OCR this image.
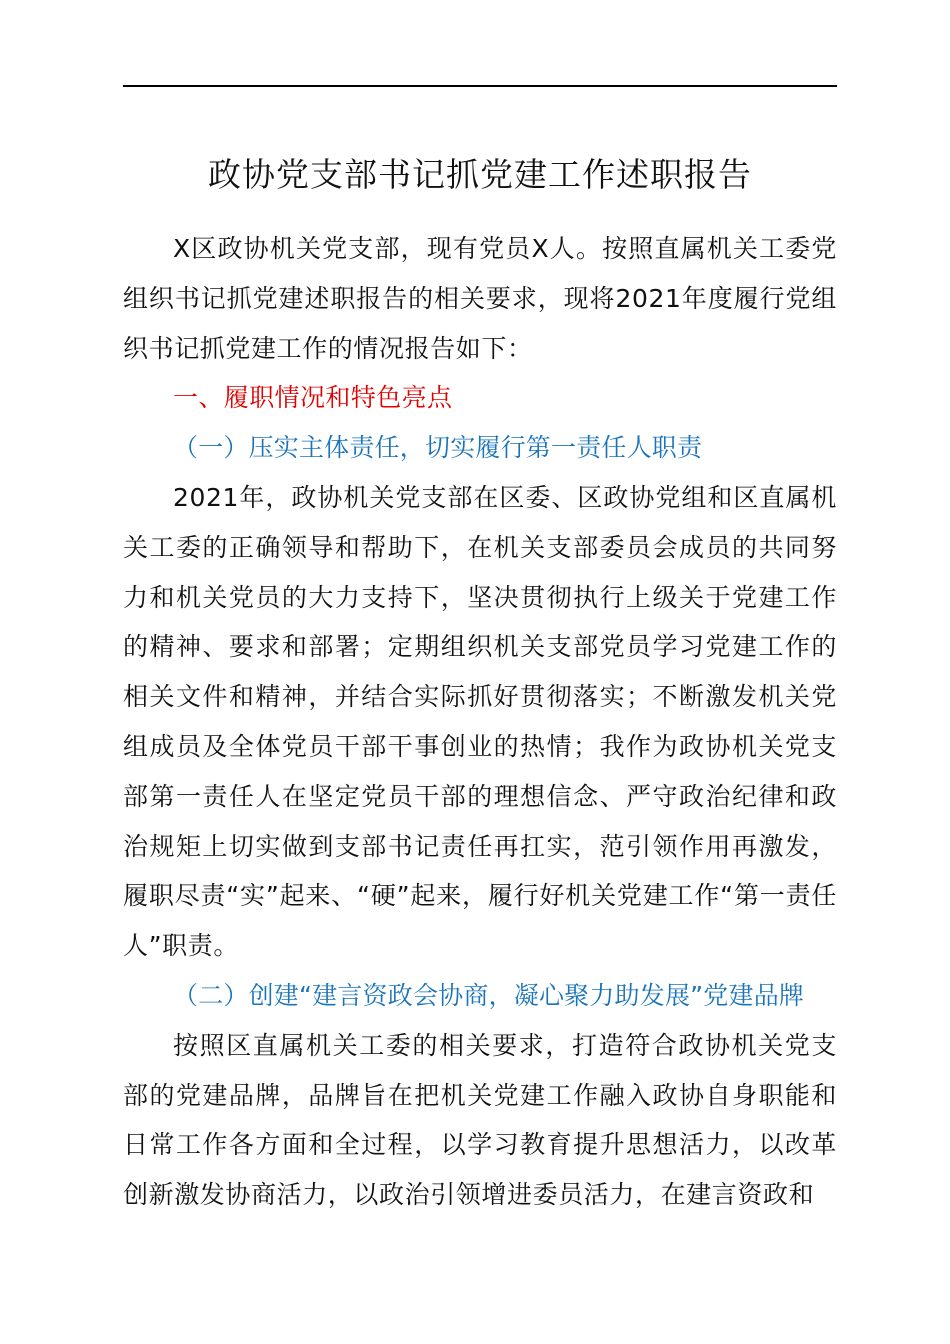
政协党支部书记抓党建工作述职报告

X区政协机关党支部，现有党员X人。按照直属机关工委党组织书记抓党建述职报告的相关要求，现将2021年度履行党组织书记抓党建工作的情况报告如下：

一、履职情况和特色亮点

（一）压实主体责任，切实履行第一责任人职责

2021年，政协机关党支部在区委、区政协党组和区直属机关工委的正确领导和帮助下，在机关支部委员会成员的共同努力和机关党员的大力支持下，坚决贯彻执行上级关于党建工作的精神、要求和部署；定期组织机关支部党员学习党建工作的相关文件和精神，并结合实际抓好贯彻落实；不断激发机关党组成员及全体党员干部干事创业的热情；我作为政协机关党支部第一责任人在坚定党员干部的理想信念、严守政治纪律和政治规矩上切实做到支部书记责任再扛实，范引领作用再激发，履职尽责“实”起来、“硬”起来，履行好机关党建工作“第一责任人”职责。

（二）创建“建言资政会协商，凝心聚力助发展”党建品牌

按照区直属机关工委的相关要求，打造符合政协机关党支部的党建品牌，品牌旨在把机关党建工作融入政协自身职能和日常工作各方面和全过程，以学习教育提升思想活力，以改革创新激发协商活力，以政治引领增进委员活力，在建言资政和
